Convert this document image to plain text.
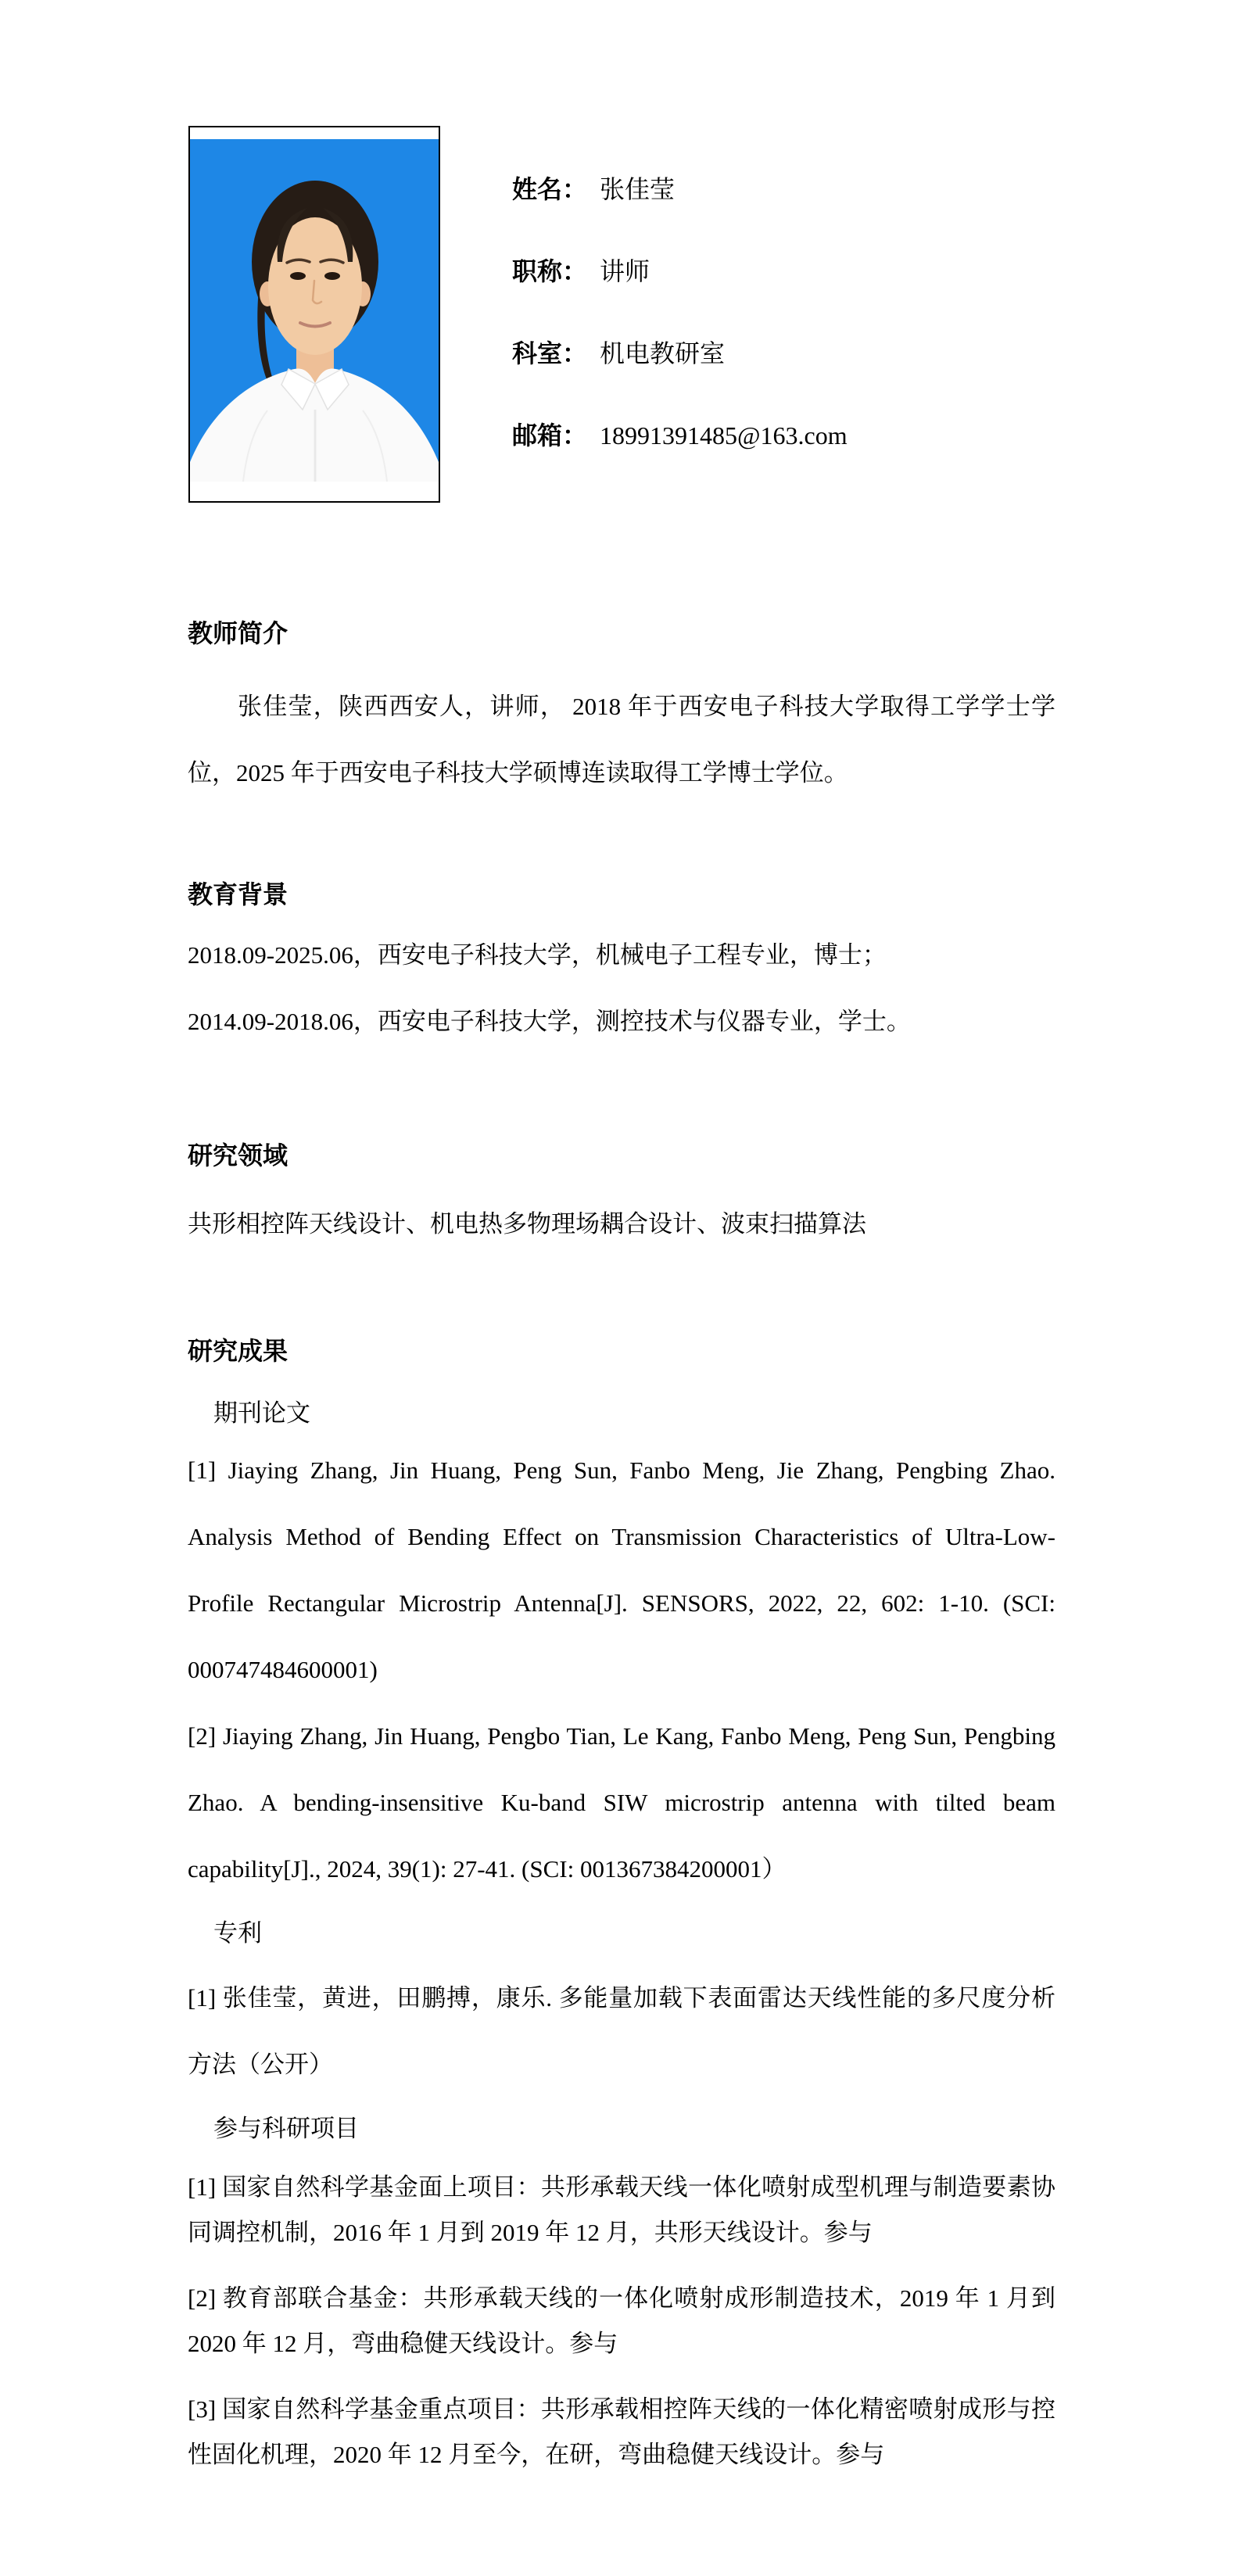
姓名： 张佳莹
职称： 讲师
科室： 机电教研室
邮箱： 18991391485@163.com
教师简介

张佳莹，陕西西安人，讲师， 2018 年于西安电子科技大学取得工学学士学位，2025 年于西安电子科技大学硕博连读取得工学博士学位。

教育背景

2018.09-2025.06，西安电子科技大学，机械电子工程专业，博士；

2014.09-2018.06，西安电子科技大学，测控技术与仪器专业，学士。

研究领域

共形相控阵天线设计、机电热多物理场耦合设计、波束扫描算法

研究成果
期刊论文

[1] Jiaying Zhang, Jin Huang, Peng Sun, Fanbo Meng, Jie Zhang, Pengbing Zhao. Analysis Method of Bending Effect on Transmission Characteristics of Ultra-Low-Profile Rectangular Microstrip Antenna[J]. SENSORS, 2022, 22, 602: 1-10. (SCI: 000747484600001)

[2] Jiaying Zhang, Jin Huang, Pengbo Tian, Le Kang, Fanbo Meng, Peng Sun, Pengbing Zhao. A bending-insensitive Ku-band SIW microstrip antenna with tilted beam capability[J]., 2024, 39(1): 27-41. (SCI: 001367384200001）

专利

[1] 张佳莹，黄进，田鹏搏，康乐. 多能量加载下表面雷达天线性能的多尺度分析方法（公开）

参与科研项目

[1] 国家自然科学基金面上项目：共形承载天线一体化喷射成型机理与制造要素协同调控机制，2016 年 1 月到 2019 年 12 月，共形天线设计。参与

[2] 教育部联合基金：共形承载天线的一体化喷射成形制造技术，2019 年 1 月到 2020 年 12 月，弯曲稳健天线设计。参与

[3] 国家自然科学基金重点项目：共形承载相控阵天线的一体化精密喷射成形与控性固化机理，2020 年 12 月至今，在研，弯曲稳健天线设计。参与
